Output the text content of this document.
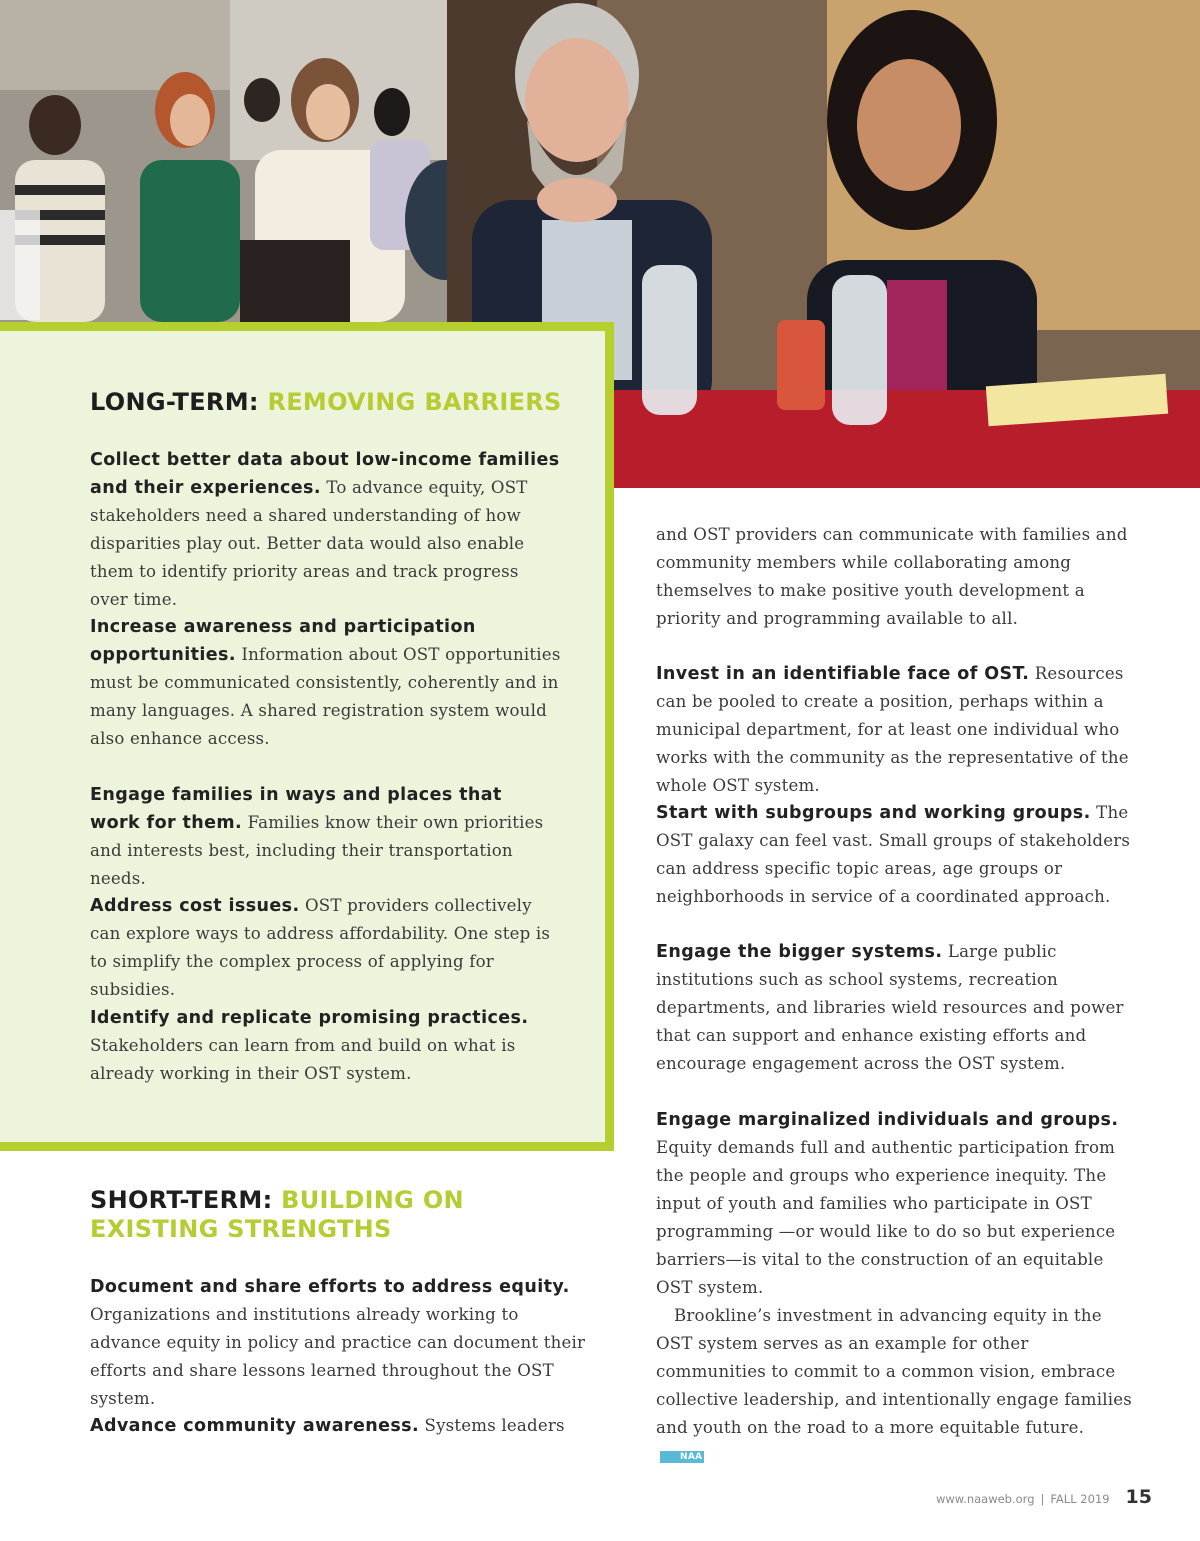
LONG-TERM: REMOVING BARRIERS

Collect better data about low-income families and their experiences. To advance equity, OST stakeholders need a shared understanding of how disparities play out. Better data would also enable them to identify priority areas and track progress over time.

Increase awareness and participation opportunities. Information about OST opportunities must be communicated consistently, coherently and in many languages. A shared registration system would also enhance access.

Engage families in ways and places that work for them. Families know their own priorities and interests best, including their transportation needs.

Address cost issues. OST providers collectively can explore ways to address affordability. One step is to simplify the complex process of applying for subsidies.

Identify and replicate promising practices. Stakeholders can learn from and build on what is already working in their OST system.

SHORT-TERM: BUILDING ON
EXISTING STRENGTHS

Document and share efforts to address equity. Organizations and institutions already working to advance equity in policy and practice can document their efforts and share lessons learned throughout the OST system.

Advance community awareness. Systems leaders

and OST providers can communicate with families and community members while collaborating among themselves to make positive youth development a priority and programming available to all.

Invest in an identifiable face of OST. Resources can be pooled to create a position, perhaps within a municipal department, for at least one individual who works with the community as the representative of the whole OST system.

Start with subgroups and working groups. The OST galaxy can feel vast. Small groups of stakeholders can address specific topic areas, age groups or neighborhoods in service of a coordinated approach.

Engage the bigger systems. Large public institutions such as school systems, recreation departments, and libraries wield resources and power that can support and enhance existing efforts and encourage engagement across the OST system.

Engage marginalized individuals and groups. Equity demands full and authentic participation from the people and groups who experience inequity. The input of youth and families who participate in OST programming —or would like to do so but experience barriers—is vital to the construction of an equitable OST system.

Brookline’s investment in advancing equity in the OST system serves as an example for other communities to commit to a common vision, embrace collective leadership, and intentionally engage families and youth on the road to a more equitable future.NAA

www.naaweb.org | FALL 2019 15
